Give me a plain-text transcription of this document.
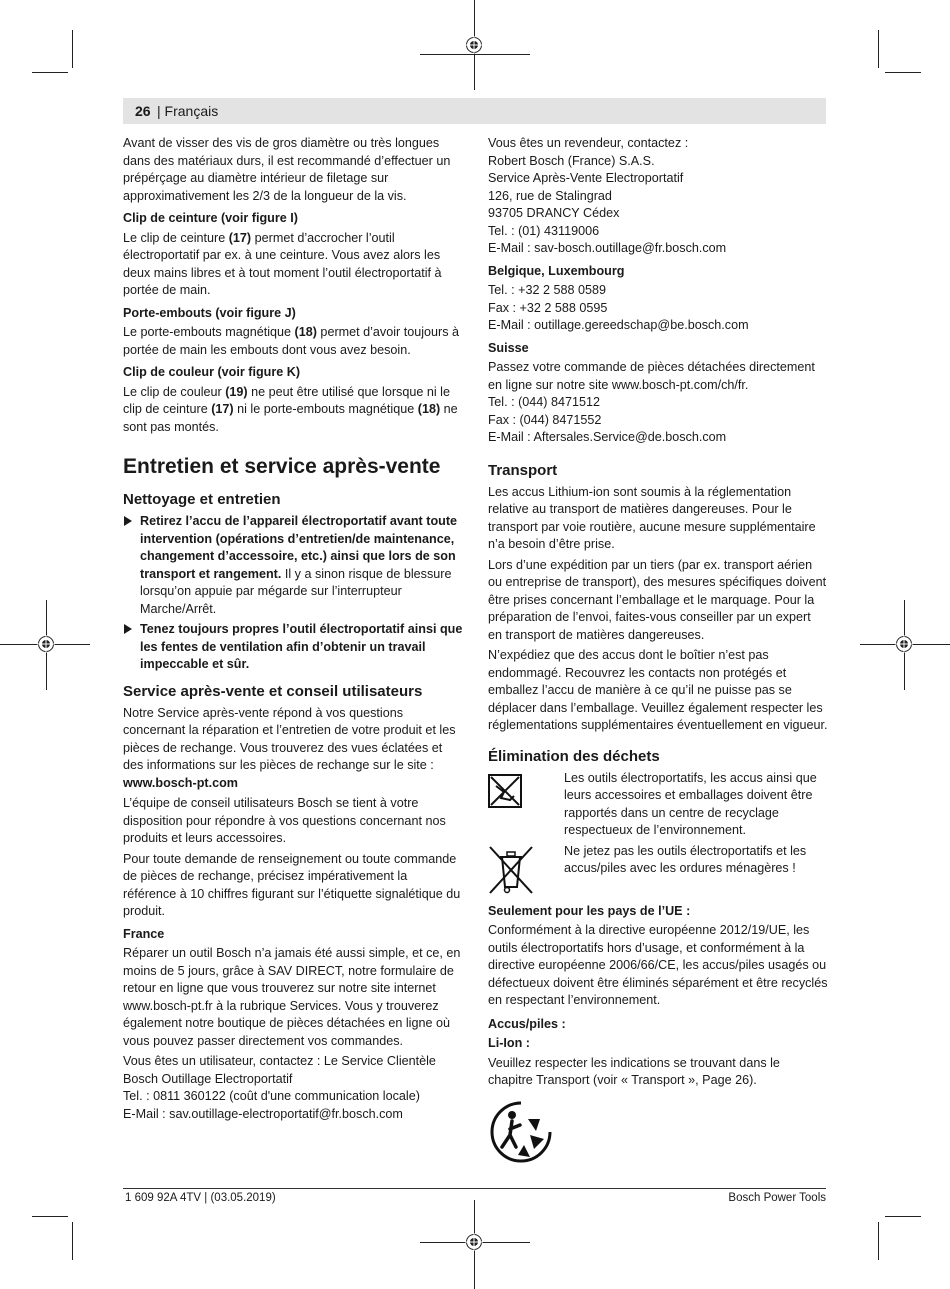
26 | Français

Avant de visser des vis de gros diamètre ou très longues dans des matériaux durs, il est recommandé d’effectuer un prépérçage au diamètre intérieur de filetage sur approximativement les 2/3 de la longueur de la vis.

Clip de ceinture (voir figure I)

Le clip de ceinture (17) permet d’accrocher l’outil électroportatif par ex. à une ceinture. Vous avez alors les deux mains libres et à tout moment l’outil électroportatif à portée de main.

Porte-embouts (voir figure J)

Le porte-embouts magnétique (18) permet d’avoir toujours à portée de main les embouts dont vous avez besoin.

Clip de couleur (voir figure K)

Le clip de couleur (19) ne peut être utilisé que lorsque ni le clip de ceinture (17) ni le porte-embouts magnétique (18) ne sont pas montés.

Entretien et service après-vente
Nettoyage et entretien
Retirez l’accu de l’appareil électroportatif avant toute intervention (opérations d’entretien/de maintenance, changement d’accessoire, etc.) ainsi que lors de son transport et rangement. Il y a sinon risque de blessure lorsqu’on appuie par mégarde sur l’interrupteur Marche/Arrêt.
Tenez toujours propres l’outil électroportatif ainsi que les fentes de ventilation afin d’obtenir un travail impeccable et sûr.
Service après-vente et conseil utilisateurs

Notre Service après-vente répond à vos questions concernant la réparation et l’entretien de votre produit et les pièces de rechange. Vous trouverez des vues éclatées et des informations sur les pièces de rechange sur le site : www.bosch-pt.com

L’équipe de conseil utilisateurs Bosch se tient à votre disposition pour répondre à vos questions concernant nos produits et leurs accessoires.

Pour toute demande de renseignement ou toute commande de pièces de rechange, précisez impérativement la référence à 10 chiffres figurant sur l’étiquette signalétique du produit.

France

Réparer un outil Bosch n’a jamais été aussi simple, et ce, en moins de 5 jours, grâce à SAV DIRECT, notre formulaire de retour en ligne que vous trouverez sur notre site internet www.bosch-pt.fr à la rubrique Services. Vous y trouverez également notre boutique de pièces détachées en ligne où vous pouvez passer directement vos commandes.

Vous êtes un utilisateur, contactez : Le Service Clientèle
Bosch Outillage Electroportatif
Tel. : 0811 360122 (coût d'une communication locale)
E-Mail : sav.outillage-electroportatif@fr.bosch.com
Vous êtes un revendeur, contactez :
Robert Bosch (France) S.A.S.
Service Après-Vente Electroportatif
126, rue de Stalingrad
93705 DRANCY Cédex
Tel. : (01) 43119006
E-Mail : sav-bosch.outillage@fr.bosch.com
Belgique, Luxembourg
Tel. : +32 2 588 0589
Fax : +32 2 588 0595
E-Mail : outillage.gereedschap@be.bosch.com
Suisse
Passez votre commande de pièces détachées directement en ligne sur notre site www.bosch-pt.com/ch/fr.
Tel. : (044) 8471512
Fax : (044) 8471552
E-Mail : Aftersales.Service@de.bosch.com
Transport

Les accus Lithium-ion sont soumis à la réglementation relative au transport de matières dangereuses. Pour le transport par voie routière, aucune mesure supplémentaire n’a besoin d’être prise.

Lors d’une expédition par un tiers (par ex. transport aérien ou entreprise de transport), des mesures spécifiques doivent être prises concernant l’emballage et le marquage. Pour la préparation de l’envoi, faites-vous conseiller par un expert en transport de matières dangereuses.

N’expédiez que des accus dont le boîtier n’est pas endommagé. Recouvrez les contacts non protégés et emballez l’accu de manière à ce qu’il ne puisse pas se déplacer dans l’emballage. Veuillez également respecter les réglementations supplémentaires éventuellement en vigueur.

Élimination des déchets

Les outils électroportatifs, les accus ainsi que leurs accessoires et emballages doivent être rapportés dans un centre de recyclage respectueux de l’environnement.

Ne jetez pas les outils électroportatifs et les accus/piles avec les ordures ménagères !

Seulement pour les pays de l’UE :

Conformément à la directive européenne 2012/19/UE, les outils électroportatifs hors d’usage, et conformément à la directive européenne 2006/66/CE, les accus/piles usagés ou défectueux doivent être éliminés séparément et être recyclés en respectant l’environnement.

Accus/piles :
Li-Ion :

Veuillez respecter les indications se trouvant dans le chapitre Transport (voir « Transport », Page 26).

1 609 92A 4TV | (03.05.2019)	Bosch Power Tools
